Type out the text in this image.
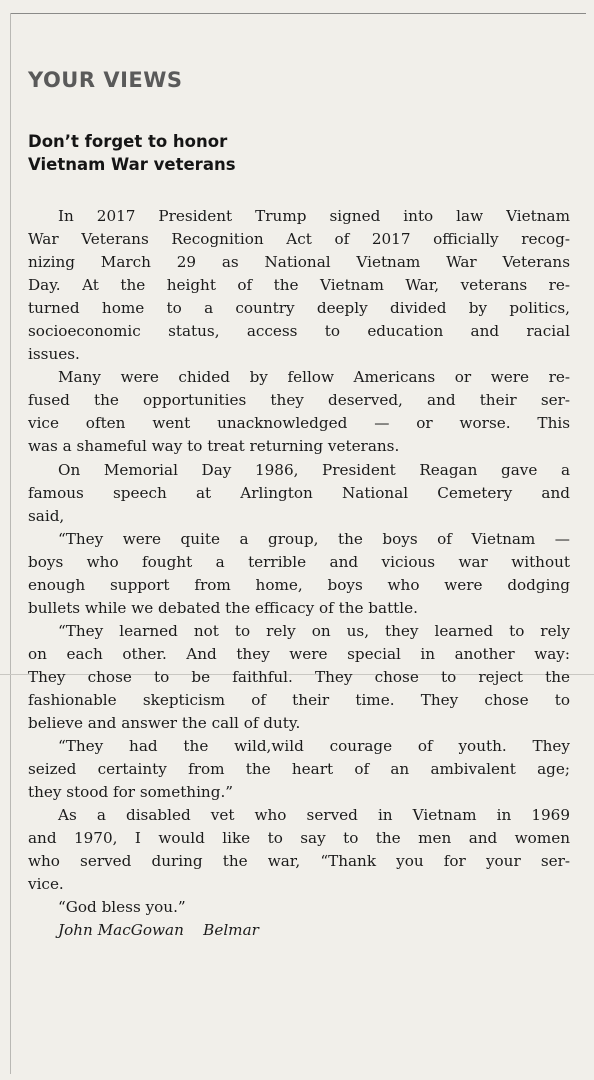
YOUR VIEWS
Don’t forget to honor
Vietnam War veterans
In 2017 President Trump signed into law Vietnam
War Veterans Recognition Act of 2017 officially recog-
nizing March 29 as National Vietnam War Veterans
Day. At the height of the Vietnam War, veterans re-
turned home to a country deeply divided by politics,
socioeconomic status, access to education and racial
issues.
Many were chided by fellow Americans or were re-
fused the opportunities they deserved, and their ser-
vice often went unacknowledged — or worse. This
was a shameful way to treat returning veterans.
On Memorial Day 1986, President Reagan gave a
famous speech at Arlington National Cemetery and
said,
“They were quite a group, the boys of Vietnam —
boys who fought a terrible and vicious war without
enough support from home, boys who were dodging
bullets while we debated the efficacy of the battle.
“They learned not to rely on us, they learned to rely
on each other. And they were special in another way:
They chose to be faithful. They chose to reject the
fashionable skepticism of their time. They chose to
believe and answer the call of duty.
“They had the wild,wild courage of youth. They
seized certainty from the heart of an ambivalent age;
they stood for something.”
As a disabled vet who served in Vietnam in 1969
and 1970, I would like to say to the men and women
who served during the war, “Thank you for your ser-
vice.
“God bless you.”
John MacGowan Belmar
